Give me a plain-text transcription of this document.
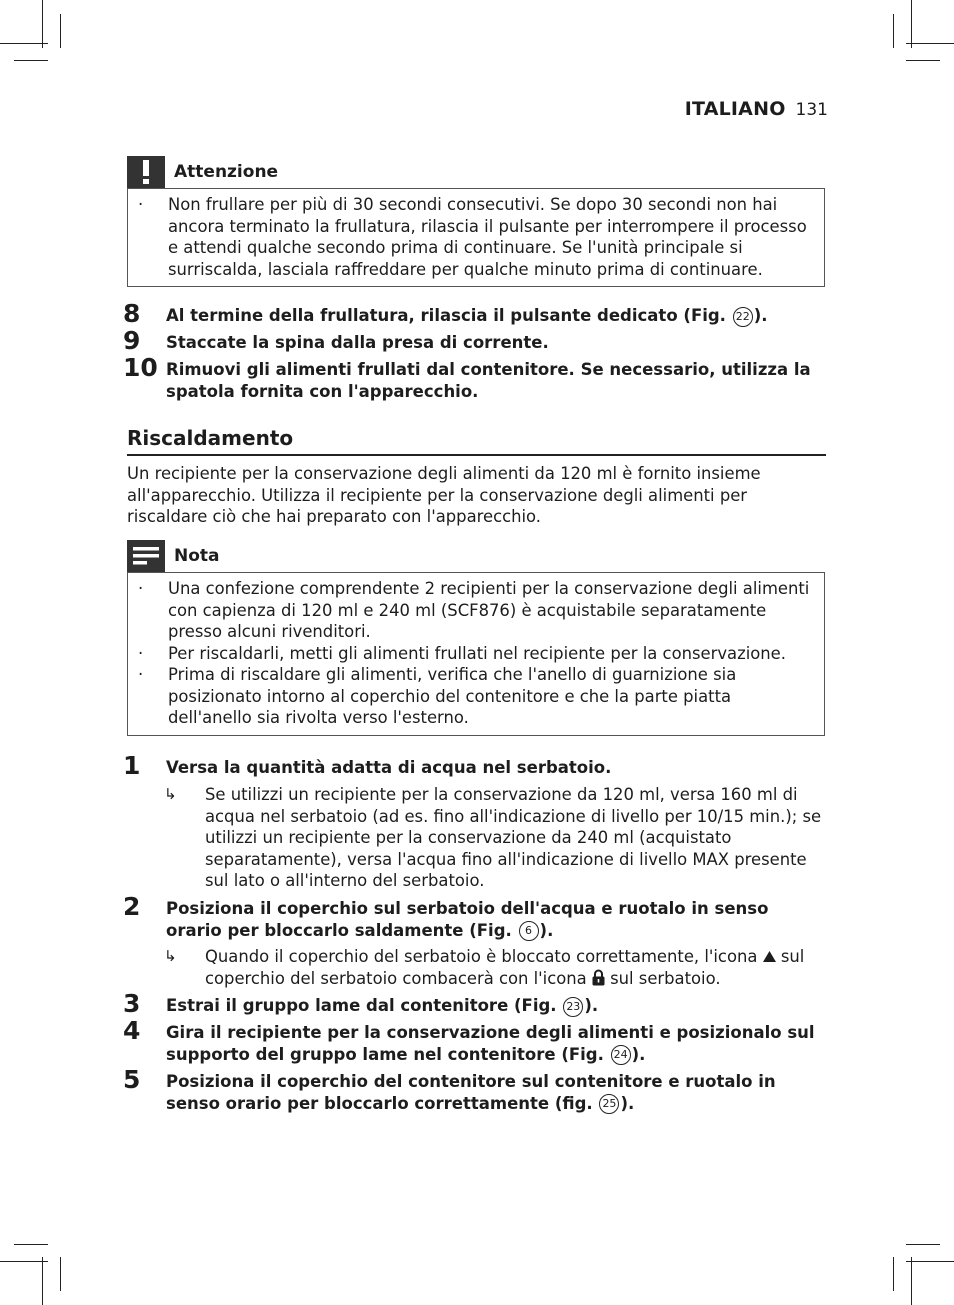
ITALIANO 131
Attenzione
·	Non frullare per più di 30 secondi consecutivi. Se dopo 30 secondi non hai ancora terminato la frullatura, rilascia il pulsante per interrompere il processo e attendi qualche secondo prima di continuare. Se l'unità principale si surriscalda, lasciala raffreddare per qualche minuto prima di continuare.
8	Al termine della frullatura, rilascia il pulsante dedicato (Fig. 22 ).
9	Staccate la spina dalla presa di corrente.
10 Rimuovi gli alimenti frullati dal contenitore. Se necessario, utilizza la spatola fornita con l'apparecchio.
Riscaldamento
Un recipiente per la conservazione degli alimenti da 120 ml è fornito insieme all'apparecchio. Utilizza il recipiente per la conservazione degli alimenti per riscaldare ciò che hai preparato con l'apparecchio.
Nota
·	Una confezione comprendente 2 recipienti per la conservazione degli alimenti con capienza di 120 ml e 240 ml (SCF876) è acquistabile separatamente presso alcuni rivenditori.
·	Per riscaldarli, metti gli alimenti frullati nel recipiente per la conservazione.
·	Prima di riscaldare gli alimenti, verifica che l'anello di guarnizione sia posizionato intorno al coperchio del contenitore e che la parte piatta dell'anello sia rivolta verso l'esterno.
1	Versa la quantità adatta di acqua nel serbatoio.
↳	Se utilizzi un recipiente per la conservazione da 120 ml, versa 160 ml di acqua nel serbatoio (ad es. fino all'indicazione di livello per 10/15 min.); se utilizzi un recipiente per la conservazione da 240 ml (acquistato separatamente), versa l'acqua fino all'indicazione di livello MAX presente sul lato o all'interno del serbatoio.
2	Posiziona il coperchio sul serbatoio dell'acqua e ruotalo in senso orario per bloccarlo saldamente (Fig. 6 ).
↳	Quando il coperchio del serbatoio è bloccato correttamente, l'icona  sul coperchio del serbatoio combacerà con l'icona  sul serbatoio.
3	Estrai il gruppo lame dal contenitore (Fig. 23 ).
4	Gira il recipiente per la conservazione degli alimenti e posizionalo sul supporto del gruppo lame nel contenitore (Fig. 24 ).
5	Posiziona il coperchio del contenitore sul contenitore e ruotalo in senso orario per bloccarlo correttamente (fig. 25 ).
